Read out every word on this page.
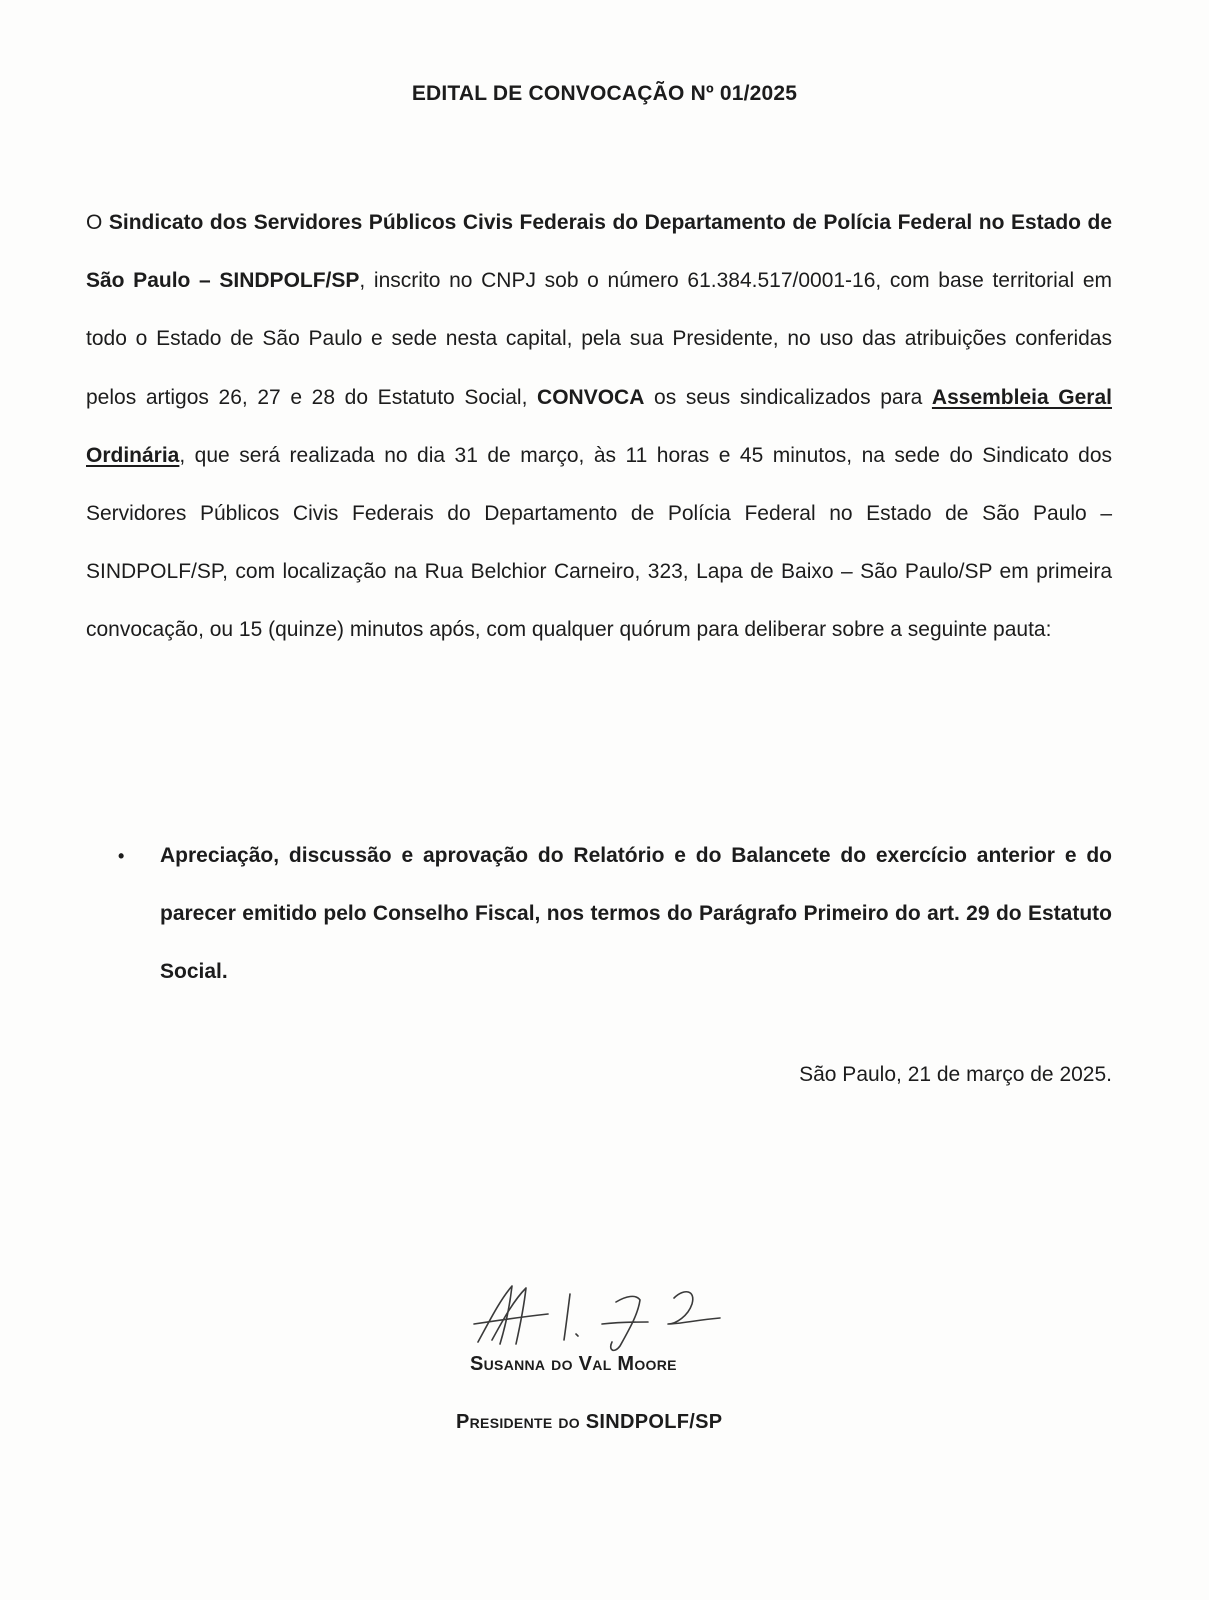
EDITAL DE CONVOCAÇÃO Nº 01/2025
O Sindicato dos Servidores Públicos Civis Federais do Departamento de Polícia Federal no Estado de São Paulo – SINDPOLF/SP, inscrito no CNPJ sob o número 61.384.517/0001-16, com base territorial em todo o Estado de São Paulo e sede nesta capital, pela sua Presidente, no uso das atribuições conferidas pelos artigos 26, 27 e 28 do Estatuto Social, CONVOCA os seus sindicalizados para Assembleia Geral Ordinária, que será realizada no dia 31 de março, às 11 horas e 45 minutos, na sede do Sindicato dos Servidores Públicos Civis Federais do Departamento de Polícia Federal no Estado de São Paulo – SINDPOLF/SP, com localização na Rua Belchior Carneiro, 323, Lapa de Baixo – São Paulo/SP em primeira convocação, ou 15 (quinze) minutos após, com qualquer quórum para deliberar sobre a seguinte pauta:
•	Apreciação, discussão e aprovação do Relatório e do Balancete do exercício anterior e do parecer emitido pelo Conselho Fiscal, nos termos do Parágrafo Primeiro do art. 29 do Estatuto Social.
São Paulo, 21 de março de 2025.
Susanna do Val Moore
Presidente do SINDPOLF/SP
